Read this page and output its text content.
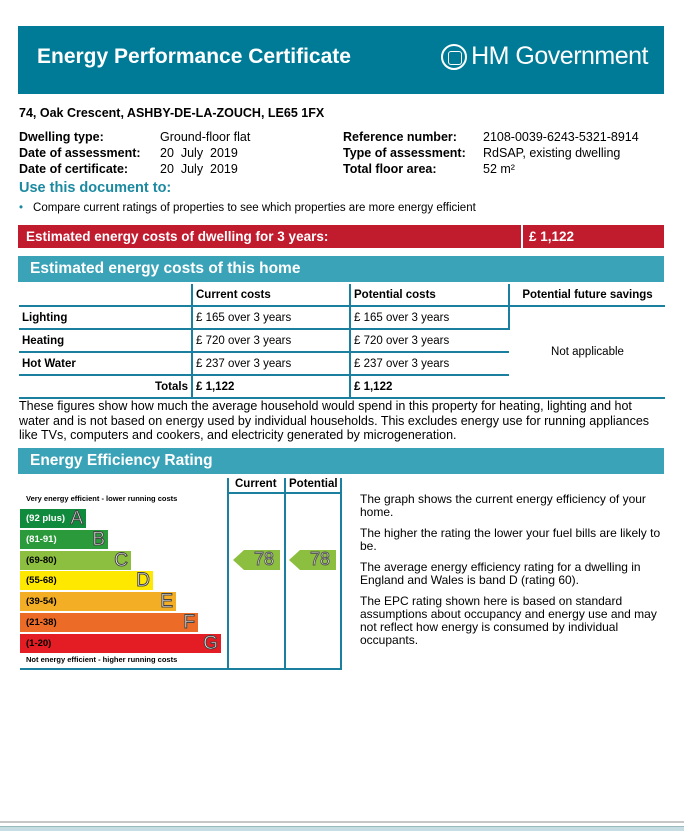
Energy Performance Certificate	HM Government
74, Oak Crescent, ASHBY-DE-LA-ZOUCH, LE65 1FX
Dwelling type:	Ground-floor flat
Date of assessment: 20  July  2019
Date of certificate:	20  July  2019
Reference number: 2108-0039-6243-5321-8914
Type of assessment: RdSAP, existing dwelling
Total floor area:	52 m²
Use this document to:
• Compare current ratings of properties to see which properties are more energy efficient
Estimated energy costs of dwelling for 3 years:	£ 1,122
Estimated energy costs of this home
	Current costs	Potential costs	Potential future savings
Lighting	£ 165 over 3 years	£ 165 over 3 years	Not applicable
Heating	£ 720 over 3 years	£ 720 over 3 years	
Hot Water	£ 237 over 3 years	£ 237 over 3 years	
Totals	£ 1,122	£ 1,122	
These figures show how much the average household would spend in this property for heating, lighting and hot water and is not based on energy used by individual households. This excludes energy use for running appliances like TVs, computers and cookers, and electricity generated by microgeneration.
Energy Efficiency Rating
Current Potential
Very energy efficient - lower running costs
(92 plus) A
(81-91) B
(69-80)	C
(55-68)	D
(39-54)	E
(21-38)	F
(1-20)	G
Not energy efficient - higher running costs
78 78

The graph shows the current energy efficiency of your home.

The higher the rating the lower your fuel bills are likely to be.

The average energy efficiency rating for a dwelling in England and Wales is band D (rating 60).

The EPC rating shown here is based on standard assumptions about occupancy and energy use and may not reflect how energy is consumed by individual occupants.
